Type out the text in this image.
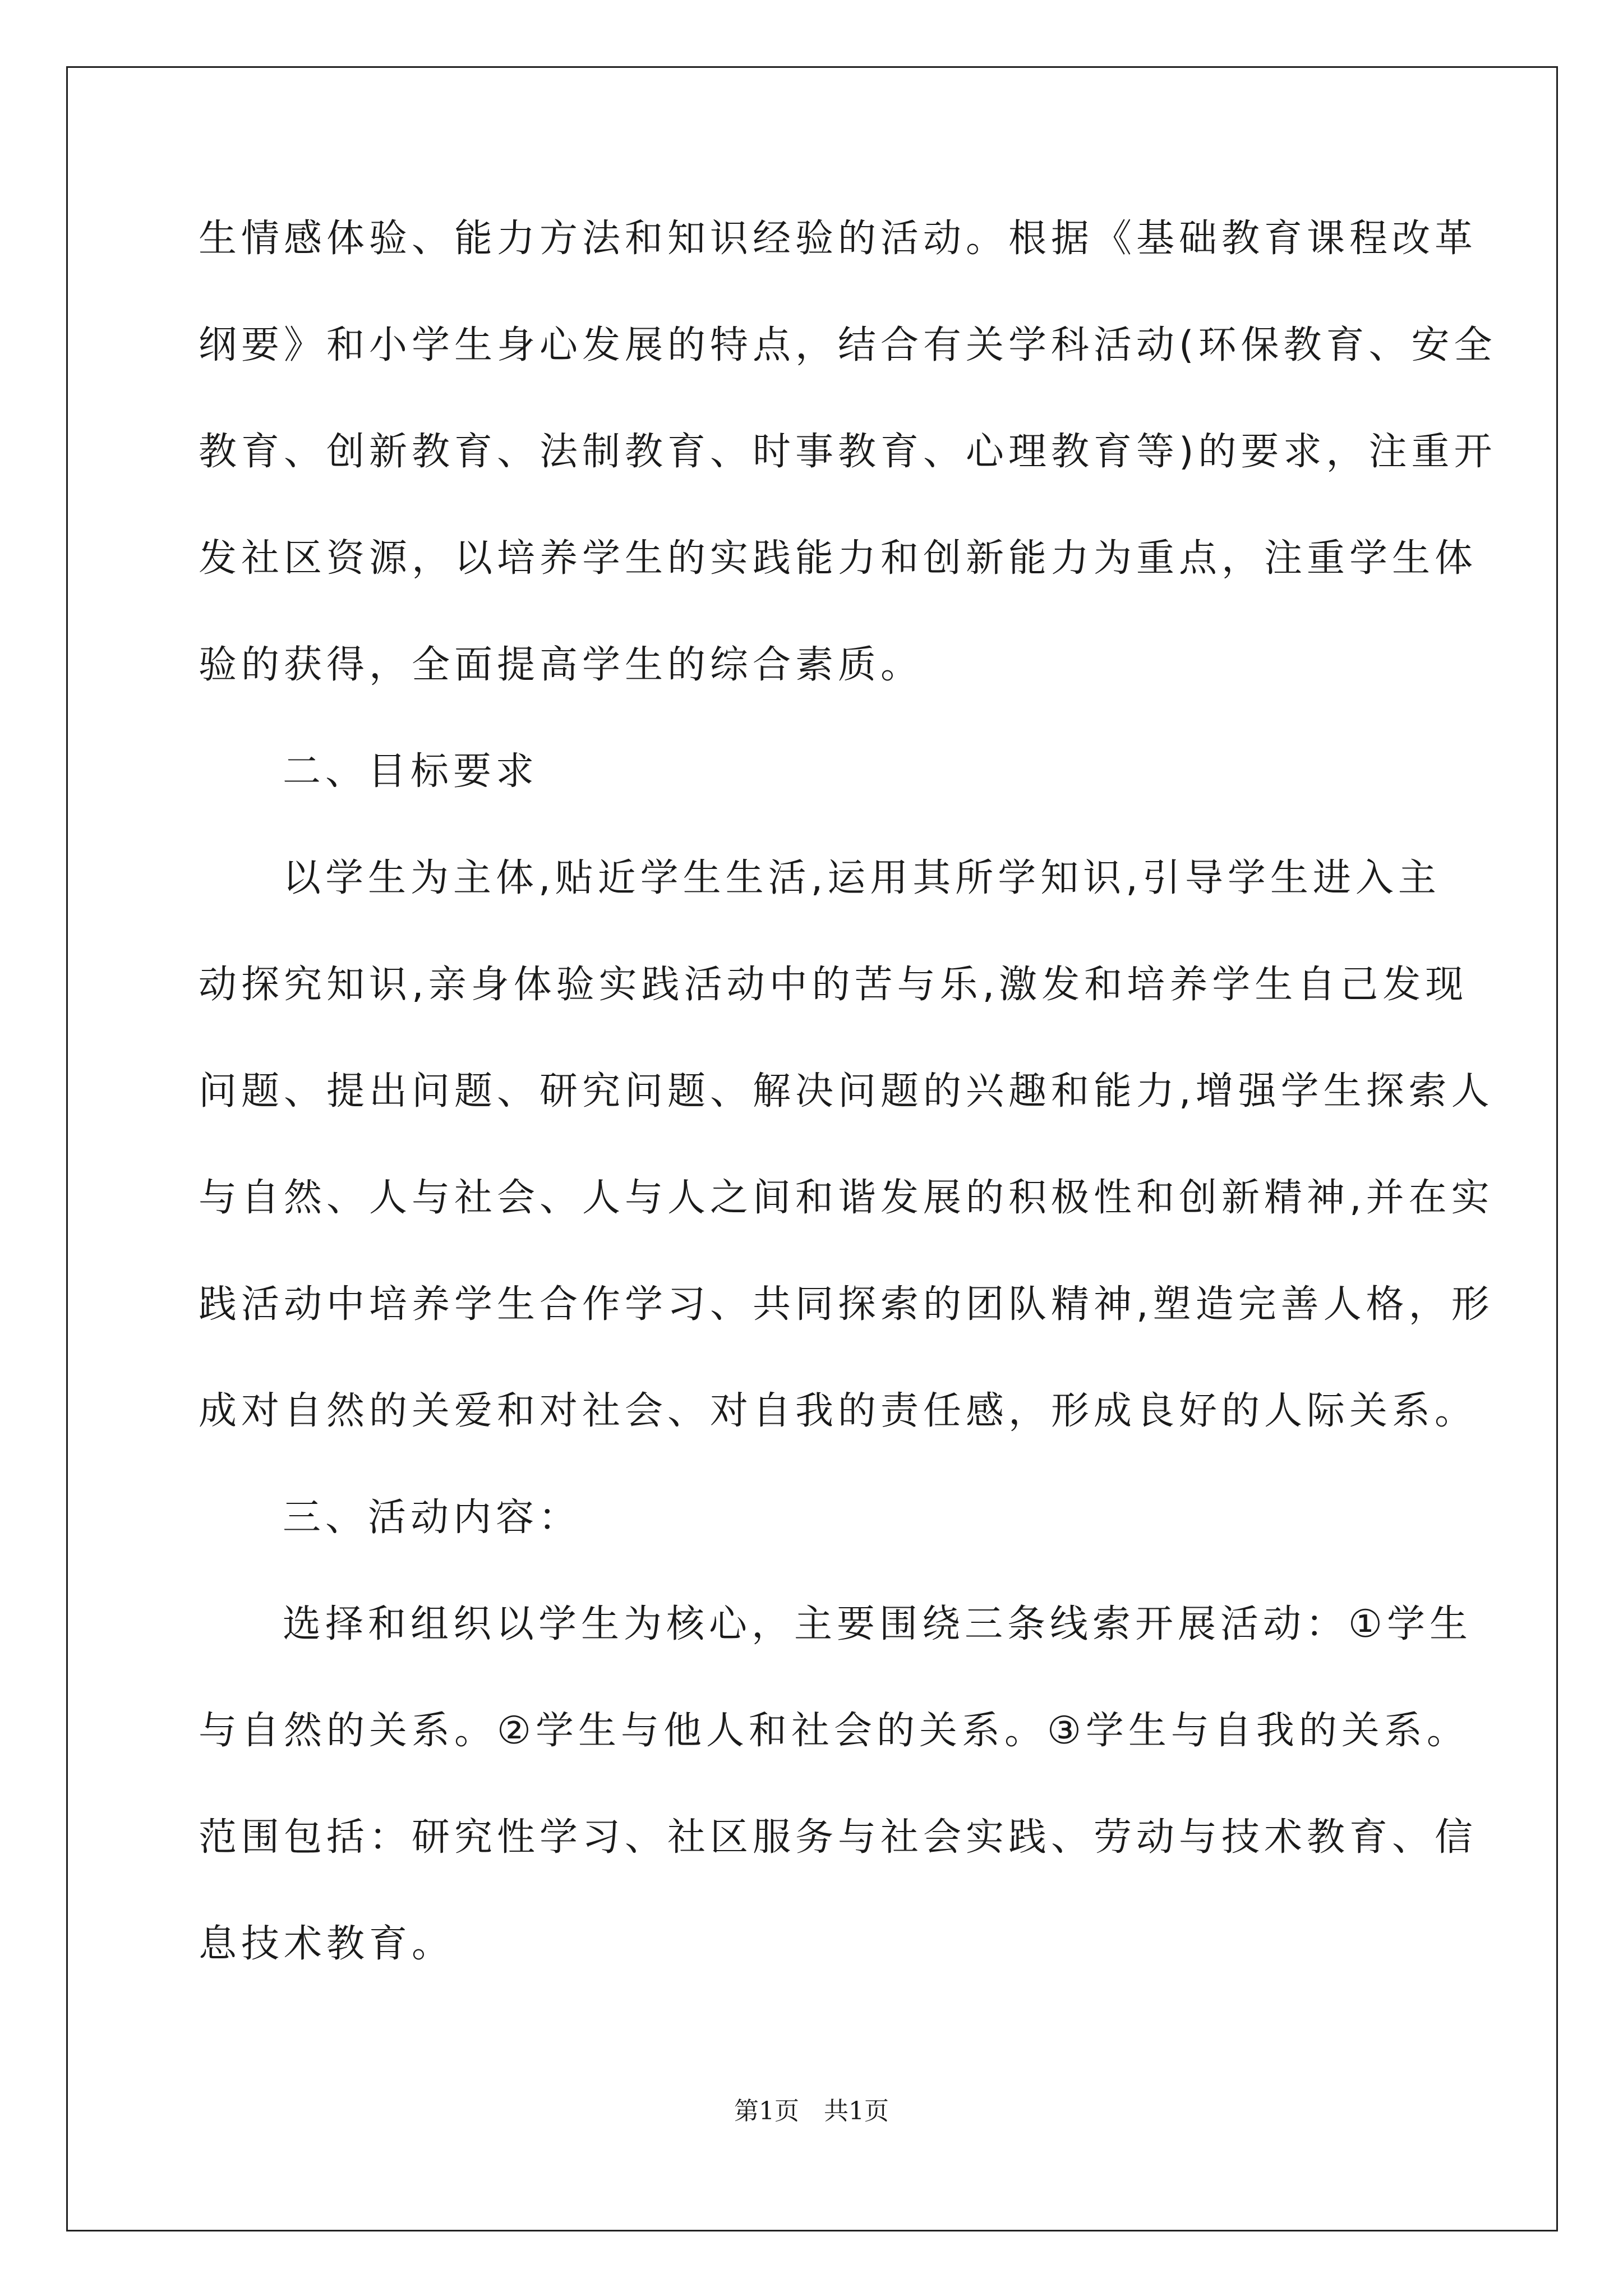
生情感体验、能力方法和知识经验的活动。根据《基础教育课程改革
纲要》和小学生身心发展的特点，结合有关学科活动(环保教育、安全
教育、创新教育、法制教育、时事教育、心理教育等)的要求，注重开
发社区资源，以培养学生的实践能力和创新能力为重点，注重学生体
验的获得，全面提高学生的综合素质。
二、目标要求
以学生为主体,贴近学生生活,运用其所学知识,引导学生进入主
动探究知识,亲身体验实践活动中的苦与乐,激发和培养学生自己发现
问题、提出问题、研究问题、解决问题的兴趣和能力,增强学生探索人
与自然、人与社会、人与人之间和谐发展的积极性和创新精神,并在实
践活动中培养学生合作学习、共同探索的团队精神,塑造完善人格，形
成对自然的关爱和对社会、对自我的责任感，形成良好的人际关系。
三、活动内容：
选择和组织以学生为核心，主要围绕三条线索开展活动：①学生
与自然的关系。②学生与他人和社会的关系。③学生与自我的关系。
范围包括：研究性学习、社区服务与社会实践、劳动与技术教育、信
息技术教育。
第1页　共1页
